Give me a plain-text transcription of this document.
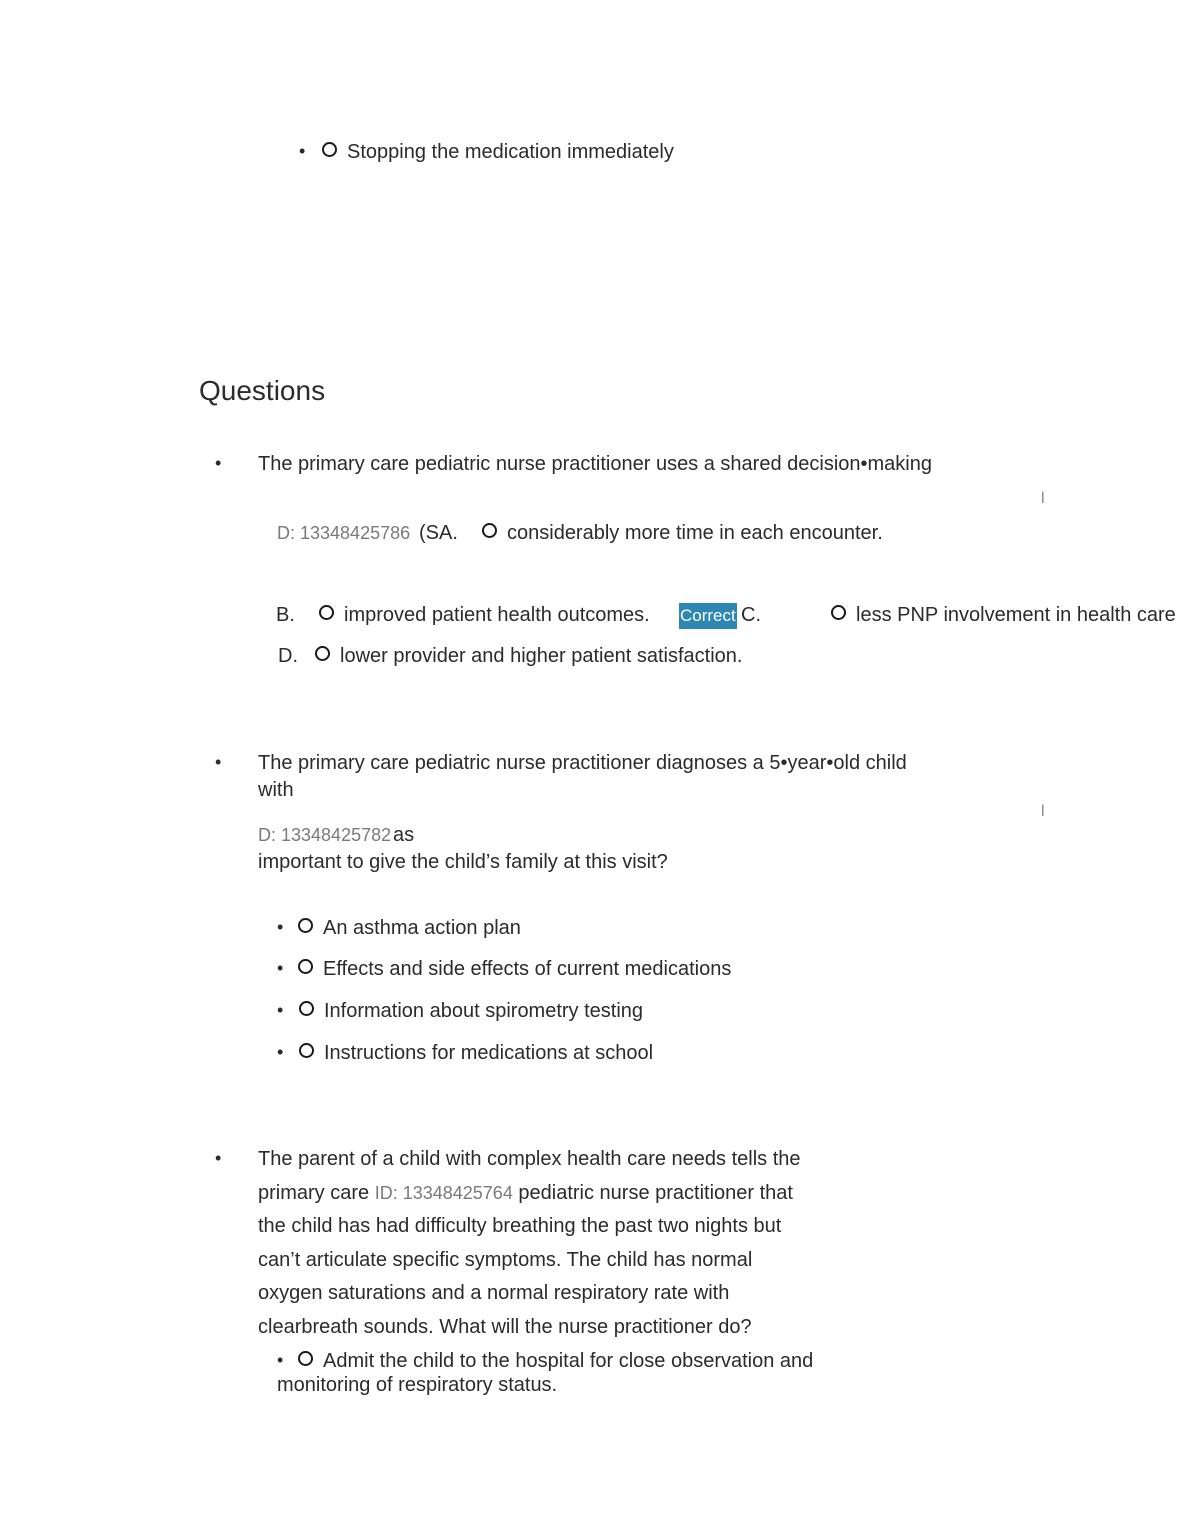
• Stopping the medication immediately
Questions
• The primary care pediatric nurse practitioner uses a shared decision•making
l
D: 13348425786 (SA. considerably more time in each encounter.
B. improved patient health outcomes. Correct C.	less PNP involvement in health care
D. lower provider and higher patient satisfaction.
• The primary care pediatric nurse practitioner diagnoses a 5•year•old child
with
l
D: 13348425782 as
important to give the child’s family at this visit?
• An asthma action plan
• Effects and side effects of current medications
• Information about spirometry testing
• Instructions for medications at school
• The parent of a child with complex health care needs tells the
primary care ID: 13348425764 pediatric nurse practitioner that
the child has had difficulty breathing the past two nights but
can’t articulate specific symptoms. The child has normal
oxygen saturations and a normal respiratory rate with
clearbreath sounds. What will the nurse practitioner do?
• Admit the child to the hospital for close observation and
monitoring of respiratory status.
